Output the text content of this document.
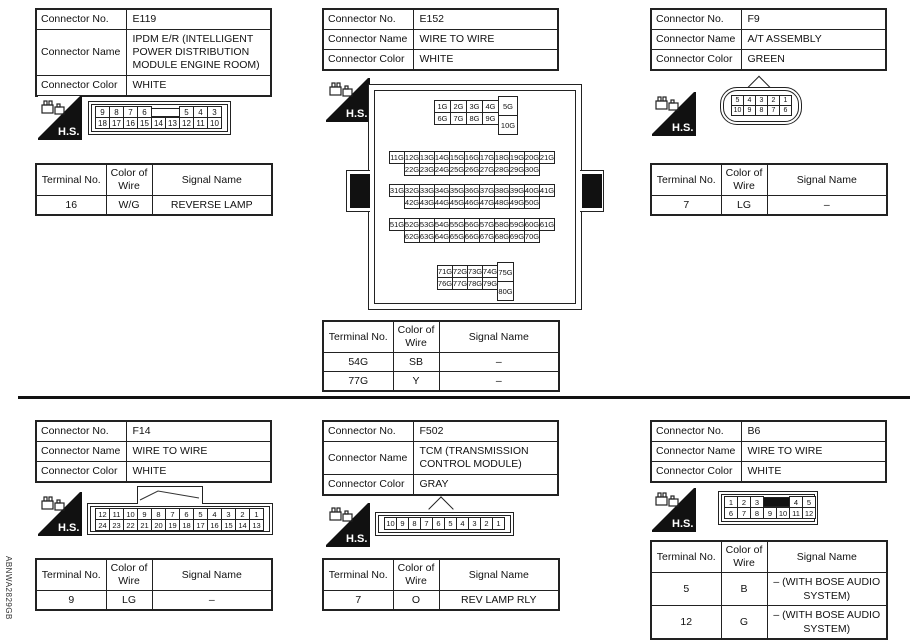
ABNWA2829GB
Connector No.	E119
Connector Name	IPDM E/R (INTELLIGENT POWER DISTRIBUTION MODULE ENGINE ROOM)
Connector Color	WHITE
H.S.
9	8	7	6	5	4	3
18 17 16 15 14 13 12 11 10
Terminal No.	Color of Wire	Signal Name
16	W/G	REVERSE LAMP
Connector No.	E152
Connector Name	WIRE TO WIRE
Connector Color	WHITE
H.S.
1G 2G 3G 4G
6G 7G 8G 9G
5G
10G
11G 12G 13G 14G 15G 16G 17G 18G 19G 20G 21G
22G 23G 24G 25G 26G 27G 28G 29G 30G
31G 32G 33G 34G 35G 36G 37G 38G 39G 40G 41G
42G 43G 44G 45G 46G 47G 48G 49G 50G
51G 52G 53G 54G 55G 56G 57G 58G 59G 60G 61G
62G 63G 64G 65G 66G 67G 68G 69G 70G
71G 72G 73G 74G
76G 77G 78G 79G
75G
80G
Terminal No.	Color of Wire	Signal Name
54G	SB	–
77G	Y	–
Connector No.	F9
Connector Name	A/T ASSEMBLY
Connector Color	GREEN
H.S.
5	4	3	2	1
10 9	8	7	6
Terminal No.	Color of Wire	Signal Name
7	LG	–
Connector No.	F14
Connector Name	WIRE TO WIRE
Connector Color	WHITE
H.S.
12 11 10	9	8	7	6	5	4	3	2	1
24 23 22 21 20 19 18 17 16 15 14 13
Terminal No.	Color of Wire	Signal Name
9	LG	–
Connector No.	F502
Connector Name	TCM (TRANSMISSION CONTROL MODULE)
Connector Color	GRAY
H.S.
10 9	8	7	6	5	4	3	2	1
Terminal No.	Color of Wire	Signal Name
7	O	REV LAMP RLY
Connector No.	B6
Connector Name	WIRE TO WIRE
Connector Color	WHITE
H.S.
1	2	3	4	5
6	7	8	9 10 11 12
Terminal No.	Color of Wire	Signal Name
5	B	– (WITH BOSE AUDIO SYSTEM)
12	G	– (WITH BOSE AUDIO SYSTEM)
